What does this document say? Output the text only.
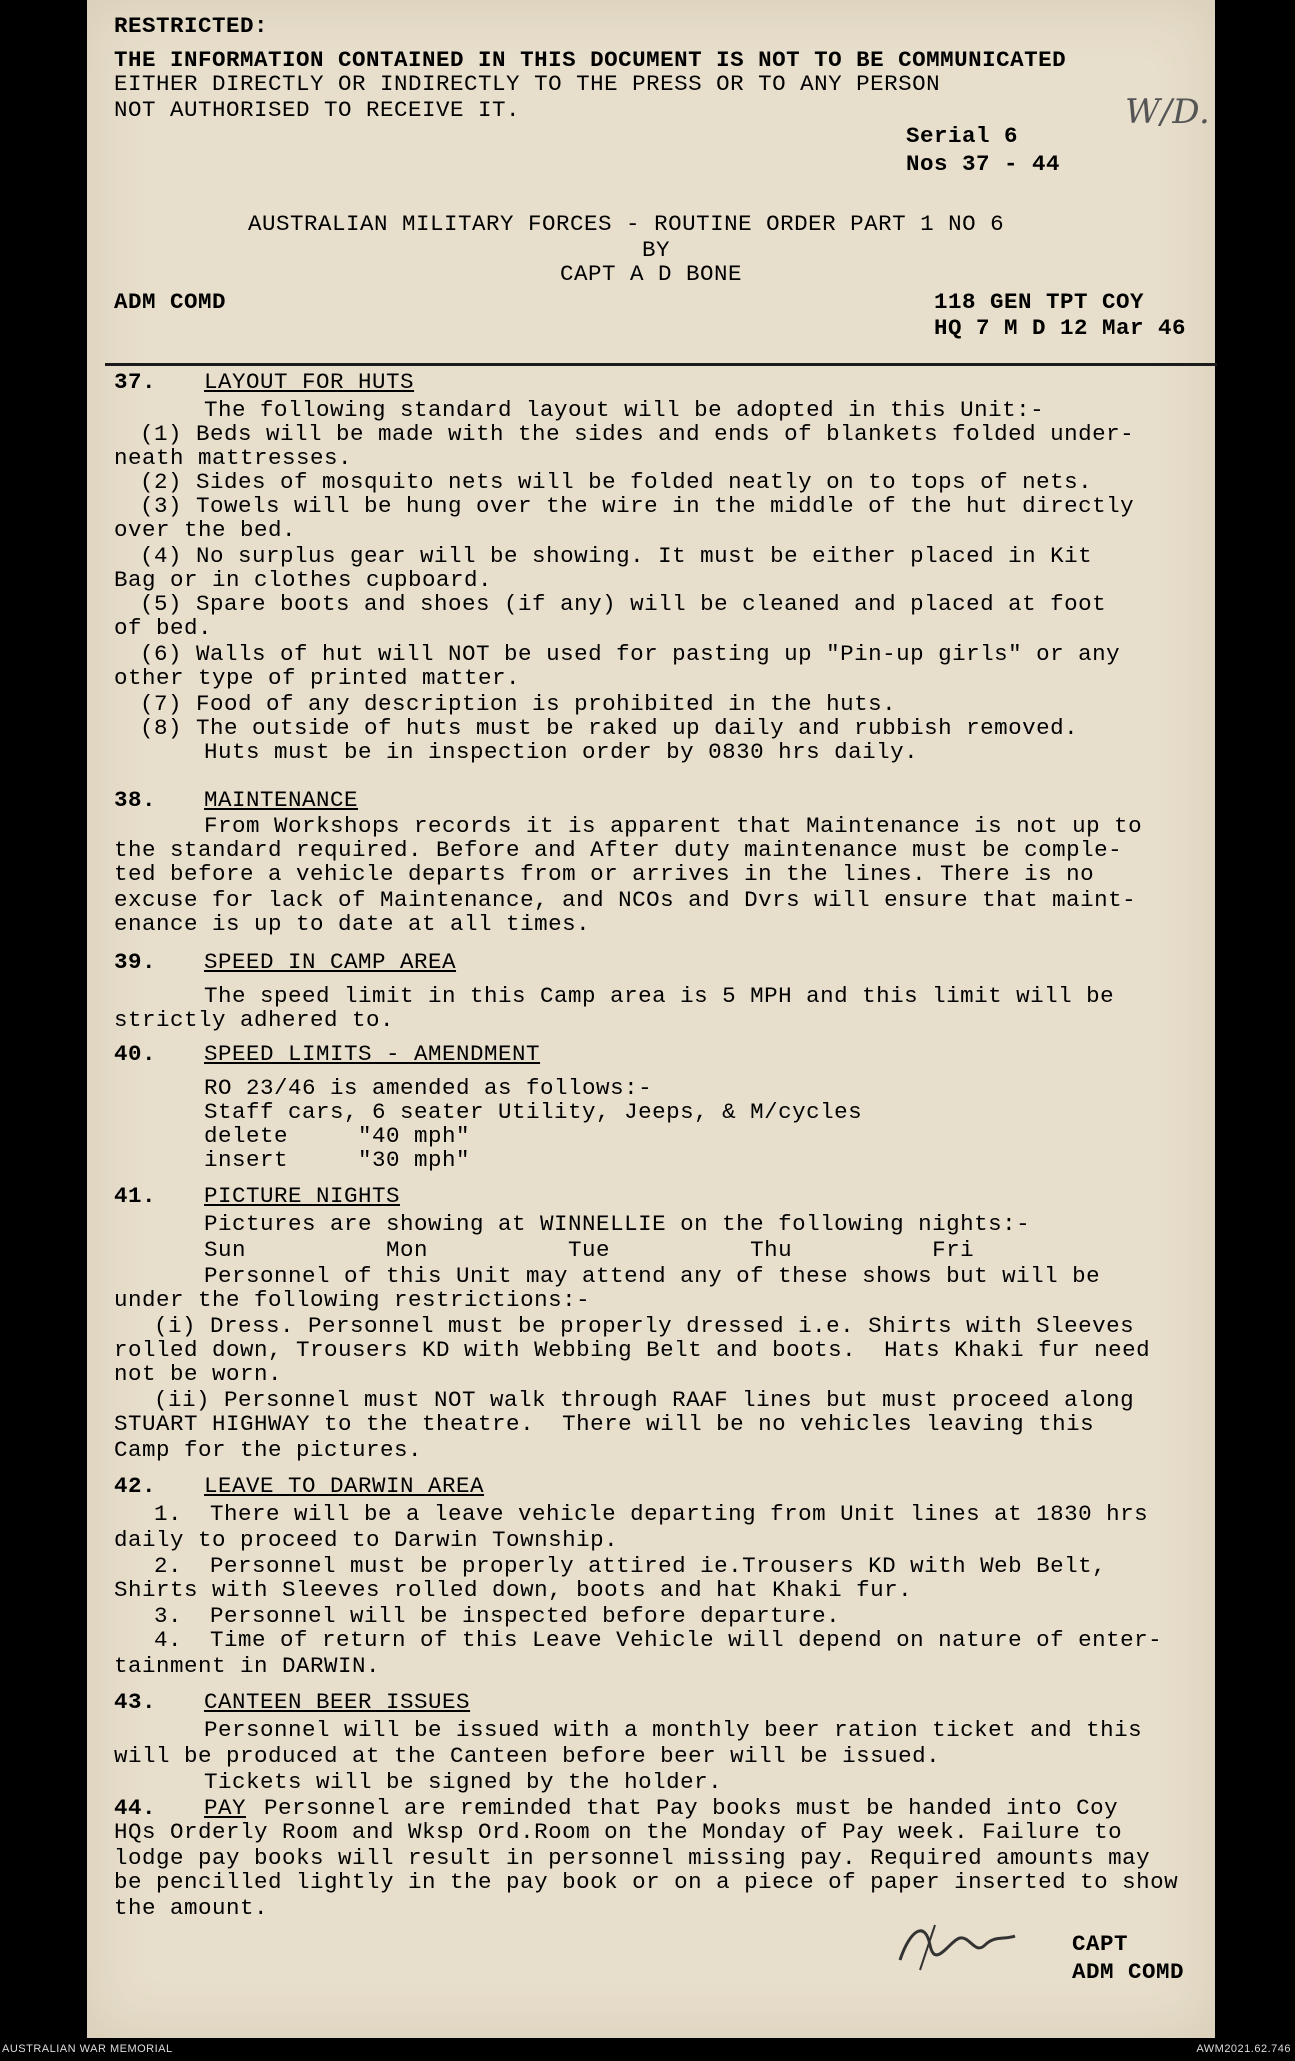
RESTRICTED:
THE INFORMATION CONTAINED IN THIS DOCUMENT IS NOT TO BE COMMUNICATED
EITHER DIRECTLY OR INDIRECTLY TO THE PRESS OR TO ANY PERSON
NOT AUTHORISED TO RECEIVE IT.	W/D.
Serial 6
Nos 37 - 44
AUSTRALIAN MILITARY FORCES - ROUTINE ORDER PART 1 NO 6
BY
CAPT A D BONE
ADM COMD	118 GEN TPT COY
HQ 7 M D 12 Mar 46
37. LAYOUT FOR HUTS
The following standard layout will be adopted in this Unit:-
(1) Beds will be made with the sides and ends of blankets folded under-
neath mattresses.
(2) Sides of mosquito nets will be folded neatly on to tops of nets.
(3) Towels will be hung over the wire in the middle of the hut directly
over the bed.
(4) No surplus gear will be showing. It must be either placed in Kit
Bag or in clothes cupboard.
(5) Spare boots and shoes (if any) will be cleaned and placed at foot
of bed.
(6) Walls of hut will NOT be used for pasting up "Pin-up girls" or any
other type of printed matter.
(7) Food of any description is prohibited in the huts.
(8) The outside of huts must be raked up daily and rubbish removed.
Huts must be in inspection order by 0830 hrs daily.
38. MAINTENANCE
From Workshops records it is apparent that Maintenance is not up to
the standard required. Before and After duty maintenance must be comple-
ted before a vehicle departs from or arrives in the lines. There is no
excuse for lack of Maintenance, and NCOs and Dvrs will ensure that maint-
enance is up to date at all times.
39. SPEED IN CAMP AREA
The speed limit in this Camp area is 5 MPH and this limit will be
strictly adhered to.
40. SPEED LIMITS - AMENDMENT
RO 23/46 is amended as follows:-
Staff cars, 6 seater Utility, Jeeps, & M/cycles
delete     "40 mph"
insert     "30 mph"
41. PICTURE NIGHTS
Pictures are showing at WINNELLIE on the following nights:-
Sun          Mon          Tue          Thu          Fri
Personnel of this Unit may attend any of these shows but will be
under the following restrictions:-
(i) Dress. Personnel must be properly dressed i.e. Shirts with Sleeves
rolled down, Trousers KD with Webbing Belt and boots.  Hats Khaki fur need
not be worn.
(ii) Personnel must NOT walk through RAAF lines but must proceed along
STUART HIGHWAY to the theatre.  There will be no vehicles leaving this
Camp for the pictures.
42. LEAVE TO DARWIN AREA
1.  There will be a leave vehicle departing from Unit lines at 1830 hrs
daily to proceed to Darwin Township.
2.  Personnel must be properly attired ie.Trousers KD with Web Belt,
Shirts with Sleeves rolled down, boots and hat Khaki fur.
3.  Personnel will be inspected before departure.
4.  Time of return of this Leave Vehicle will depend on nature of enter-
tainment in DARWIN.
43. CANTEEN BEER ISSUES
Personnel will be issued with a monthly beer ration ticket and this
will be produced at the Canteen before beer will be issued.
Tickets will be signed by the holder.
44. PAY Personnel are reminded that Pay books must be handed into Coy
HQs Orderly Room and Wksp Ord.Room on the Monday of Pay week. Failure to
lodge pay books will result in personnel missing pay. Required amounts may
be pencilled lightly in the pay book or on a piece of paper inserted to show
the amount.
CAPT
ADM COMD
AUSTRALIAN WAR MEMORIAL	AWM2021.62.746
